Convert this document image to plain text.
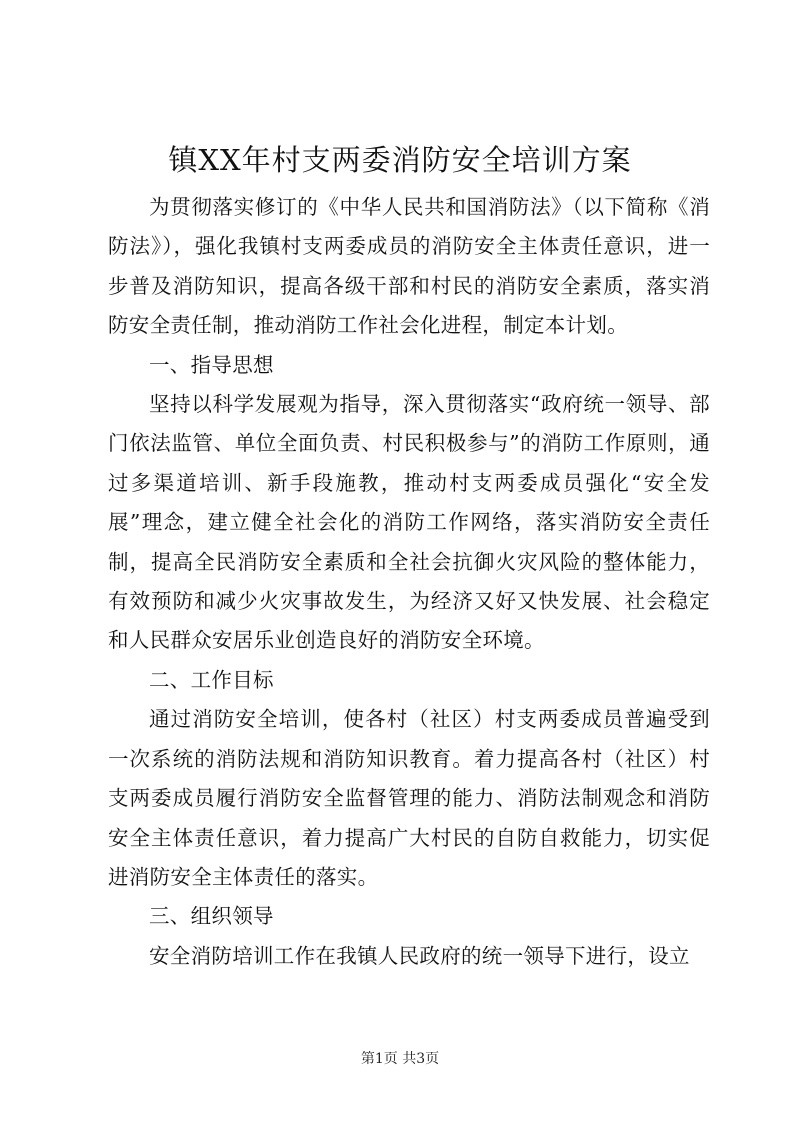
镇XX年村支两委消防安全培训方案

为贯彻落实修订的《中华人民共和国消防法》（以下简称《消防法》），强化我镇村支两委成员的消防安全主体责任意识，进一步普及消防知识，提高各级干部和村民的消防安全素质，落实消防安全责任制，推动消防工作社会化进程，制定本计划。

一、指导思想

坚持以科学发展观为指导，深入贯彻落实“政府统一领导、部门依法监管、单位全面负责、村民积极参与”的消防工作原则，通过多渠道培训、新手段施教，推动村支两委成员强化“安全发展”理念，建立健全社会化的消防工作网络，落实消防安全责任制，提高全民消防安全素质和全社会抗御火灾风险的整体能力，有效预防和减少火灾事故发生，为经济又好又快发展、社会稳定和人民群众安居乐业创造良好的消防安全环境。

二、工作目标

通过消防安全培训，使各村（社区）村支两委成员普遍受到一次系统的消防法规和消防知识教育。着力提高各村（社区）村支两委成员履行消防安全监督管理的能力、消防法制观念和消防安全主体责任意识，着力提高广大村民的自防自救能力，切实促进消防安全主体责任的落实。

三、组织领导

安全消防培训工作在我镇人民政府的统一领导下进行，设立

第1页 共3页
